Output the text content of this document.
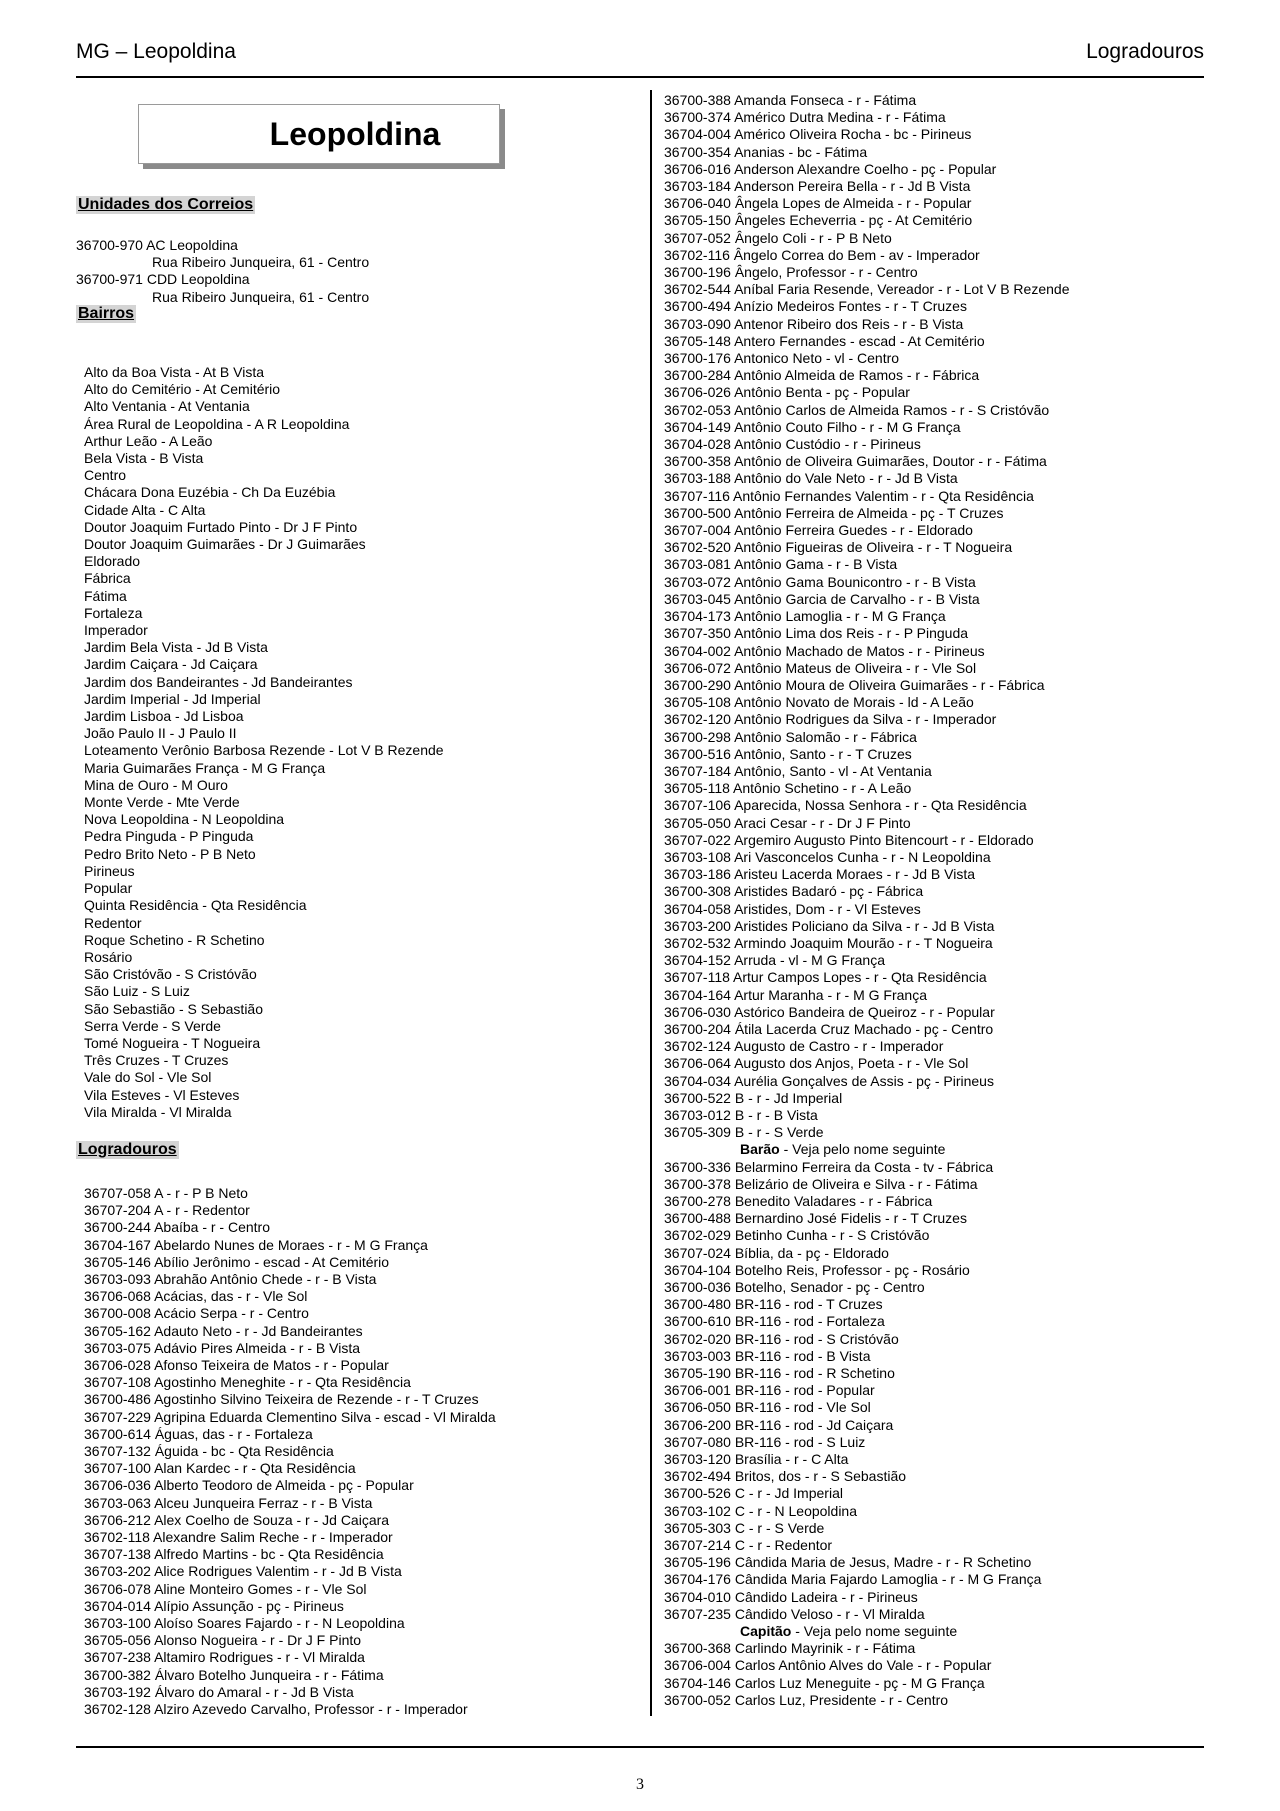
MG – Leopoldina	Logradouros
Leopoldina
Unidades dos Correios
36700-970 AC Leopoldina
Rua Ribeiro Junqueira, 61 - Centro
36700-971 CDD Leopoldina
Rua Ribeiro Junqueira, 61 - Centro
Bairros
Alto da Boa Vista - At B Vista
Alto do Cemitério - At Cemitério
Alto Ventania - At Ventania
Área Rural de Leopoldina - A R Leopoldina
Arthur Leão - A Leão
Bela Vista - B Vista
Centro
Chácara Dona Euzébia - Ch Da Euzébia
Cidade Alta - C Alta
Doutor Joaquim Furtado Pinto - Dr J F Pinto
Doutor Joaquim Guimarães - Dr J Guimarães
Eldorado
Fábrica
Fátima
Fortaleza
Imperador
Jardim Bela Vista - Jd B Vista
Jardim Caiçara - Jd Caiçara
Jardim dos Bandeirantes - Jd Bandeirantes
Jardim Imperial - Jd Imperial
Jardim Lisboa - Jd Lisboa
João Paulo II - J Paulo II
Loteamento Verônio Barbosa Rezende - Lot V B Rezende
Maria Guimarães França - M G França
Mina de Ouro - M Ouro
Monte Verde - Mte Verde
Nova Leopoldina - N Leopoldina
Pedra Pinguda - P Pinguda
Pedro Brito Neto - P B Neto
Pirineus
Popular
Quinta Residência - Qta Residência
Redentor
Roque Schetino - R Schetino
Rosário
São Cristóvão - S Cristóvão
São Luiz - S Luiz
São Sebastião - S Sebastião
Serra Verde - S Verde
Tomé Nogueira - T Nogueira
Três Cruzes - T Cruzes
Vale do Sol - Vle Sol
Vila Esteves - Vl Esteves
Vila Miralda - Vl Miralda
Logradouros
36707-058 A - r - P B Neto
36707-204 A - r - Redentor
36700-244 Abaíba - r - Centro
36704-167 Abelardo Nunes de Moraes - r - M G França
36705-146 Abílio Jerônimo - escad - At Cemitério
36703-093 Abrahão Antônio Chede - r - B Vista
36706-068 Acácias, das - r - Vle Sol
36700-008 Acácio Serpa - r - Centro
36705-162 Adauto Neto - r - Jd Bandeirantes
36703-075 Adávio Pires Almeida - r - B Vista
36706-028 Afonso Teixeira de Matos - r - Popular
36707-108 Agostinho Meneghite - r - Qta Residência
36700-486 Agostinho Silvino Teixeira de Rezende - r - T Cruzes
36707-229 Agripina Eduarda Clementino Silva - escad - Vl Miralda
36700-614 Águas, das - r - Fortaleza
36707-132 Águida - bc - Qta Residência
36707-100 Alan Kardec - r - Qta Residência
36706-036 Alberto Teodoro de Almeida - pç - Popular
36703-063 Alceu Junqueira Ferraz - r - B Vista
36706-212 Alex Coelho de Souza - r - Jd Caiçara
36702-118 Alexandre Salim Reche - r - Imperador
36707-138 Alfredo Martins - bc - Qta Residência
36703-202 Alice Rodrigues Valentim - r - Jd B Vista
36706-078 Aline Monteiro Gomes - r - Vle Sol
36704-014 Alípio Assunção - pç - Pirineus
36703-100 Aloíso Soares Fajardo - r - N Leopoldina
36705-056 Alonso Nogueira - r - Dr J F Pinto
36707-238 Altamiro Rodrigues - r - Vl Miralda
36700-382 Álvaro Botelho Junqueira - r - Fátima
36703-192 Álvaro do Amaral - r - Jd B Vista
36702-128 Alziro Azevedo Carvalho, Professor - r - Imperador
36700-388 Amanda Fonseca - r - Fátima
36700-374 Américo Dutra Medina - r - Fátima
36704-004 Américo Oliveira Rocha - bc - Pirineus
36700-354 Ananias - bc - Fátima
36706-016 Anderson Alexandre Coelho - pç - Popular
36703-184 Anderson Pereira Bella - r - Jd B Vista
36706-040 Ângela Lopes de Almeida - r - Popular
36705-150 Ângeles Echeverria - pç - At Cemitério
36707-052 Ângelo Coli - r - P B Neto
36702-116 Ângelo Correa do Bem - av - Imperador
36700-196 Ângelo, Professor - r - Centro
36702-544 Aníbal Faria Resende, Vereador - r - Lot V B Rezende
36700-494 Anízio Medeiros Fontes - r - T Cruzes
36703-090 Antenor Ribeiro dos Reis - r - B Vista
36705-148 Antero Fernandes - escad - At Cemitério
36700-176 Antonico Neto - vl - Centro
36700-284 Antônio Almeida de Ramos - r - Fábrica
36706-026 Antônio Benta - pç - Popular
36702-053 Antônio Carlos de Almeida Ramos - r - S Cristóvão
36704-149 Antônio Couto Filho - r - M G França
36704-028 Antônio Custódio - r - Pirineus
36700-358 Antônio de Oliveira Guimarães, Doutor - r - Fátima
36703-188 Antônio do Vale Neto - r - Jd B Vista
36707-116 Antônio Fernandes Valentim - r - Qta Residência
36700-500 Antônio Ferreira de Almeida - pç - T Cruzes
36707-004 Antônio Ferreira Guedes - r - Eldorado
36702-520 Antônio Figueiras de Oliveira - r - T Nogueira
36703-081 Antônio Gama - r - B Vista
36703-072 Antônio Gama Bounicontro - r - B Vista
36703-045 Antônio Garcia de Carvalho - r - B Vista
36704-173 Antônio Lamoglia - r - M G França
36707-350 Antônio Lima dos Reis - r - P Pinguda
36704-002 Antônio Machado de Matos - r - Pirineus
36706-072 Antônio Mateus de Oliveira - r - Vle Sol
36700-290 Antônio Moura de Oliveira Guimarães - r - Fábrica
36705-108 Antônio Novato de Morais - ld - A Leão
36702-120 Antônio Rodrigues da Silva - r - Imperador
36700-298 Antônio Salomão - r - Fábrica
36700-516 Antônio, Santo - r - T Cruzes
36707-184 Antônio, Santo - vl - At Ventania
36705-118 Antônio Schetino - r - A Leão
36707-106 Aparecida, Nossa Senhora - r - Qta Residência
36705-050 Araci Cesar - r - Dr J F Pinto
36707-022 Argemiro Augusto Pinto Bitencourt - r - Eldorado
36703-108 Ari Vasconcelos Cunha - r - N Leopoldina
36703-186 Aristeu Lacerda Moraes - r - Jd B Vista
36700-308 Aristides Badaró - pç - Fábrica
36704-058 Aristides, Dom - r - Vl Esteves
36703-200 Aristides Policiano da Silva - r - Jd B Vista
36702-532 Armindo Joaquim Mourão - r - T Nogueira
36704-152 Arruda - vl - M G França
36707-118 Artur Campos Lopes - r - Qta Residência
36704-164 Artur Maranha - r - M G França
36706-030 Astórico Bandeira de Queiroz - r - Popular
36700-204 Átila Lacerda Cruz Machado - pç - Centro
36702-124 Augusto de Castro - r - Imperador
36706-064 Augusto dos Anjos, Poeta - r - Vle Sol
36704-034 Aurélia Gonçalves de Assis - pç - Pirineus
36700-522 B - r - Jd Imperial
36703-012 B - r - B Vista
36705-309 B - r - S Verde
Barão - Veja pelo nome seguinte
36700-336 Belarmino Ferreira da Costa - tv - Fábrica
36700-378 Belizário de Oliveira e Silva - r - Fátima
36700-278 Benedito Valadares - r - Fábrica
36700-488 Bernardino José Fidelis - r - T Cruzes
36702-029 Betinho Cunha - r - S Cristóvão
36707-024 Bíblia, da - pç - Eldorado
36704-104 Botelho Reis, Professor - pç - Rosário
36700-036 Botelho, Senador - pç - Centro
36700-480 BR-116 - rod - T Cruzes
36700-610 BR-116 - rod - Fortaleza
36702-020 BR-116 - rod - S Cristóvão
36703-003 BR-116 - rod - B Vista
36705-190 BR-116 - rod - R Schetino
36706-001 BR-116 - rod - Popular
36706-050 BR-116 - rod - Vle Sol
36706-200 BR-116 - rod - Jd Caiçara
36707-080 BR-116 - rod - S Luiz
36703-120 Brasília - r - C Alta
36702-494 Britos, dos - r - S Sebastião
36700-526 C - r - Jd Imperial
36703-102 C - r - N Leopoldina
36705-303 C - r - S Verde
36707-214 C - r - Redentor
36705-196 Cândida Maria de Jesus, Madre - r - R Schetino
36704-176 Cândida Maria Fajardo Lamoglia - r - M G França
36704-010 Cândido Ladeira - r - Pirineus
36707-235 Cândido Veloso - r - Vl Miralda
Capitão - Veja pelo nome seguinte
36700-368 Carlindo Mayrinik - r - Fátima
36706-004 Carlos Antônio Alves do Vale - r - Popular
36704-146 Carlos Luz Meneguite - pç - M G França
36700-052 Carlos Luz, Presidente - r - Centro
3
